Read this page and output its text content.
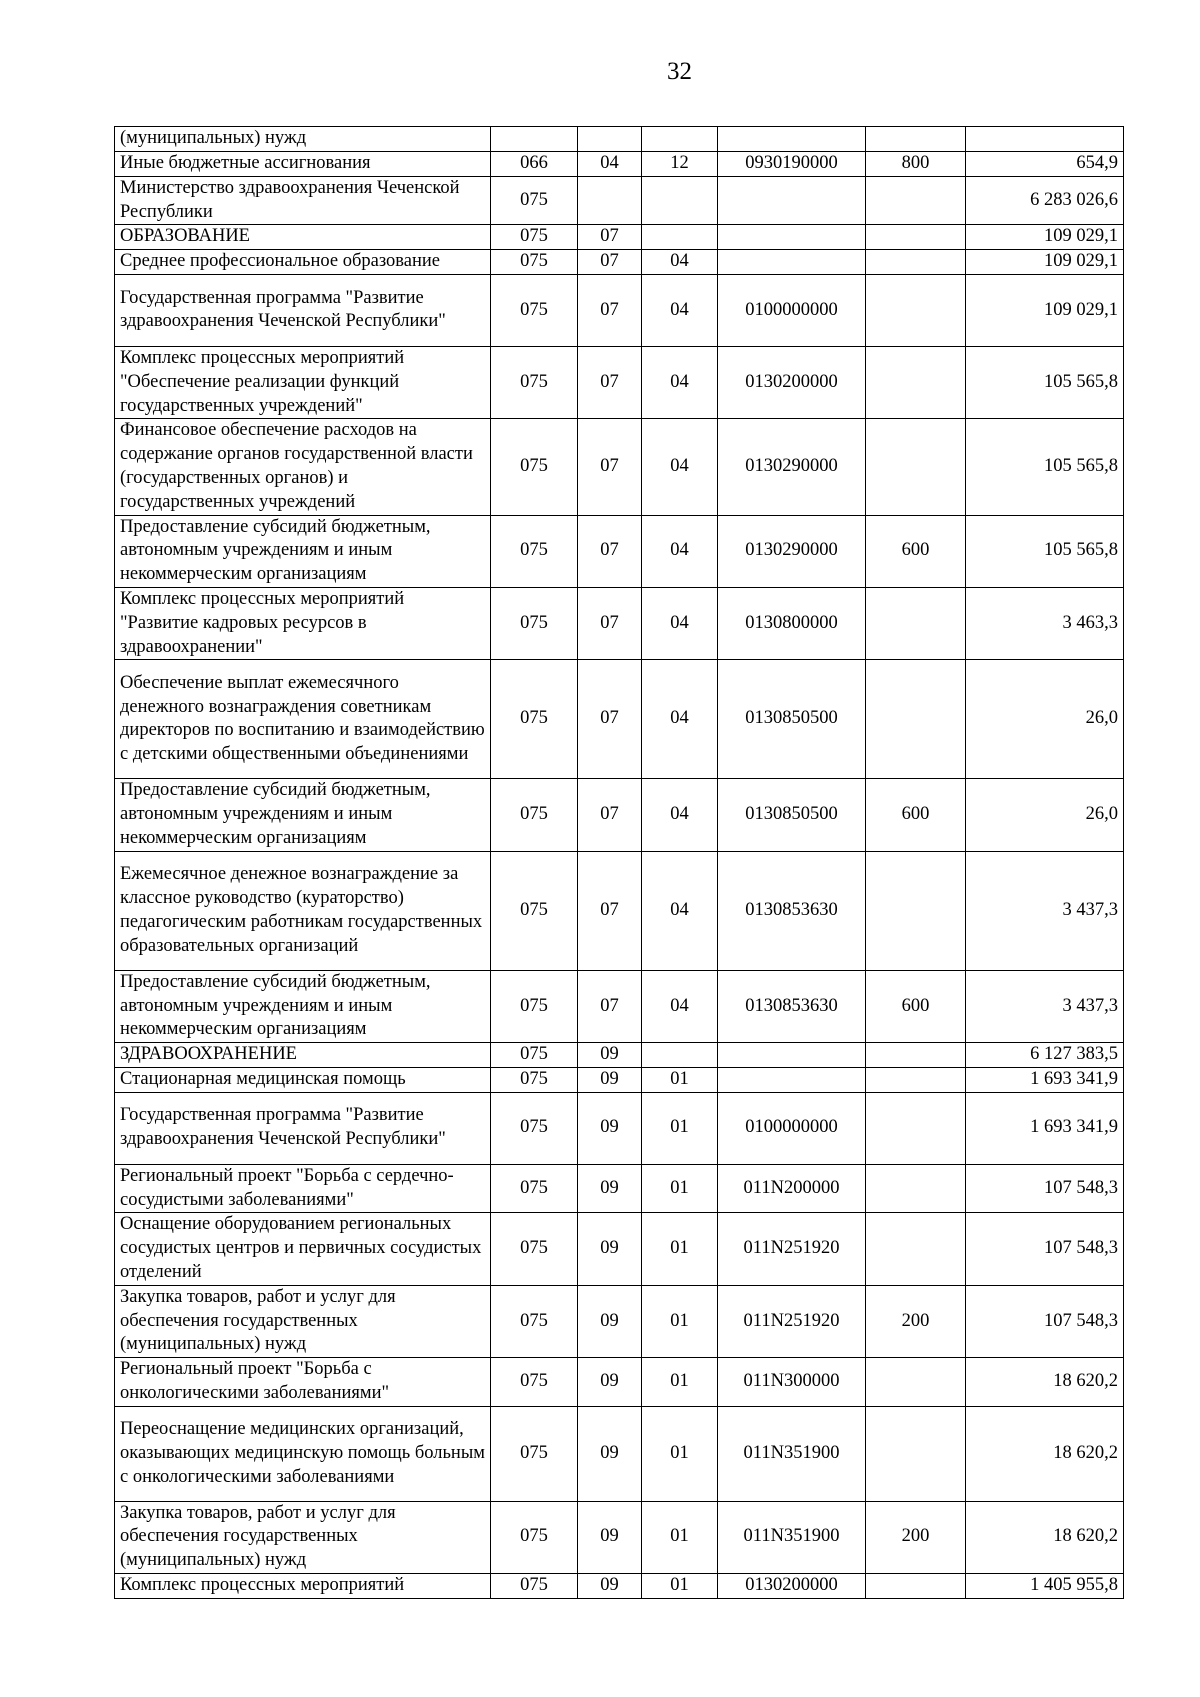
32
(муниципальных) нужд						
Иные бюджетные ассигнования	066	04	12	0930190000	800	654,9
Министерство здравоохранения Чеченской Республики	075					6 283 026,6
ОБРАЗОВАНИЕ	075	07				109 029,1
Среднее профессиональное образование	075	07	04			109 029,1
Государственная программа "Развитие здравоохранения Чеченской Республики"	075	07	04	0100000000		109 029,1
Комплекс процессных мероприятий "Обеспечение реализации функций государственных учреждений"	075	07	04	0130200000		105 565,8
Финансовое обеспечение расходов на содержание органов государственной власти (государственных органов) и государственных учреждений	075	07	04	0130290000		105 565,8
Предоставление субсидий бюджетным, автономным учреждениям и иным некоммерческим организациям	075	07	04	0130290000	600	105 565,8
Комплекс процессных мероприятий "Развитие кадровых ресурсов в здравоохранении"	075	07	04	0130800000		3 463,3
Обеспечение выплат ежемесячного денежного вознаграждения советникам директоров по воспитанию и взаимодействию с детскими общественными объединениями	075	07	04	0130850500		26,0
Предоставление субсидий бюджетным, автономным учреждениям и иным некоммерческим организациям	075	07	04	0130850500	600	26,0
Ежемесячное денежное вознаграждение за классное руководство (кураторство) педагогическим работникам государственных образовательных организаций	075	07	04	0130853630		3 437,3
Предоставление субсидий бюджетным, автономным учреждениям и иным некоммерческим организациям	075	07	04	0130853630	600	3 437,3
ЗДРАВООХРАНЕНИЕ	075	09				6 127 383,5
Стационарная медицинская помощь	075	09	01			1 693 341,9
Государственная программа "Развитие здравоохранения Чеченской Республики"	075	09	01	0100000000		1 693 341,9
Региональный проект "Борьба с сердечно-сосудистыми заболеваниями"	075	09	01	011N200000		107 548,3
Оснащение оборудованием региональных сосудистых центров и первичных сосудистых отделений	075	09	01	011N251920		107 548,3
Закупка товаров, работ и услуг для обеспечения государственных (муниципальных) нужд	075	09	01	011N251920	200	107 548,3
Региональный проект "Борьба с онкологическими заболеваниями"	075	09	01	011N300000		18 620,2
Переоснащение медицинских организаций, оказывающих медицинскую помощь больным с онкологическими заболеваниями	075	09	01	011N351900		18 620,2
Закупка товаров, работ и услуг для обеспечения государственных (муниципальных) нужд	075	09	01	011N351900	200	18 620,2
Комплекс процессных мероприятий	075	09	01	0130200000		1 405 955,8
